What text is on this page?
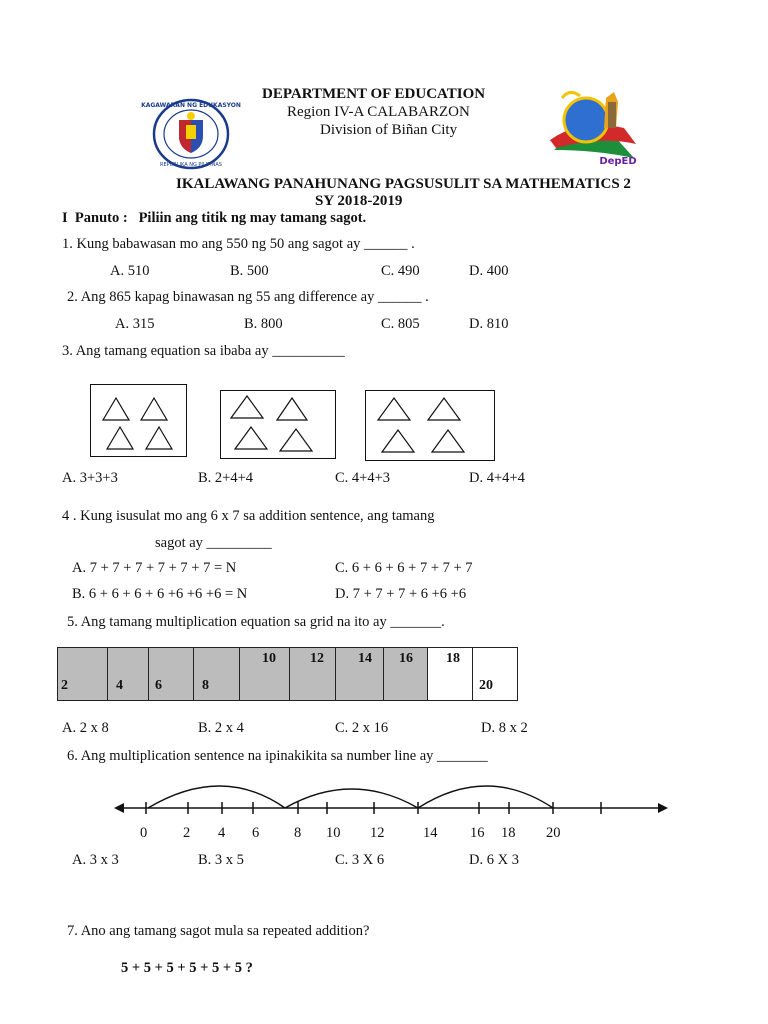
KAGAWARAN NG EDUKASYON
REPUBLIKA NG PILIPINAS	DepED
DEPARTMENT OF EDUCATION
Region IV-A CALABARZON
Division of Biñan City
IKALAWANG PANAHUNANG PAGSUSULIT SA MATHEMATICS 2
SY 2018-2019
I Panuto : Piliin ang titik ng may tamang sagot.
1. Kung babawasan mo ang 550 ng 50 ang sagot ay ______ .
A. 510	B. 500	C. 490	D. 400
2. Ang 865 kapag binawasan ng 55 ang difference ay ______ .
A. 315	B. 800	C. 805	D. 810
3. Ang tamang equation sa ibaba ay __________
A. 3+3+3	B. 2+4+4	C. 4+4+3	D. 4+4+4
4 . Kung isusulat mo ang 6 x 7 sa addition sentence, ang tamang
sagot ay _________
A. 7 + 7 + 7 + 7 + 7 + 7 = N	C. 6 + 6 + 6 + 7 + 7 + 7
B. 6 + 6 + 6 + 6 +6 +6 +6 = N	D. 7 + 7 + 7 + 6 +6 +6
5. Ang tamang multiplication equation sa grid na ito ay _______.
2	4	6	8

10	12	14	16	18

20
A. 2 x 8	B. 2 x 4	C. 2 x 16	D. 8 x 2
6. Ang multiplication sentence na ipinakikita sa number line ay _______
0 2 4 6 8 10 12	14 16 18 20
A. 3 x 3	B. 3 x 5	C. 3 X 6	D. 6 X 3
7. Ano ang tamang sagot mula sa repeated addition?
5 + 5 + 5 + 5 + 5 + 5 ?
